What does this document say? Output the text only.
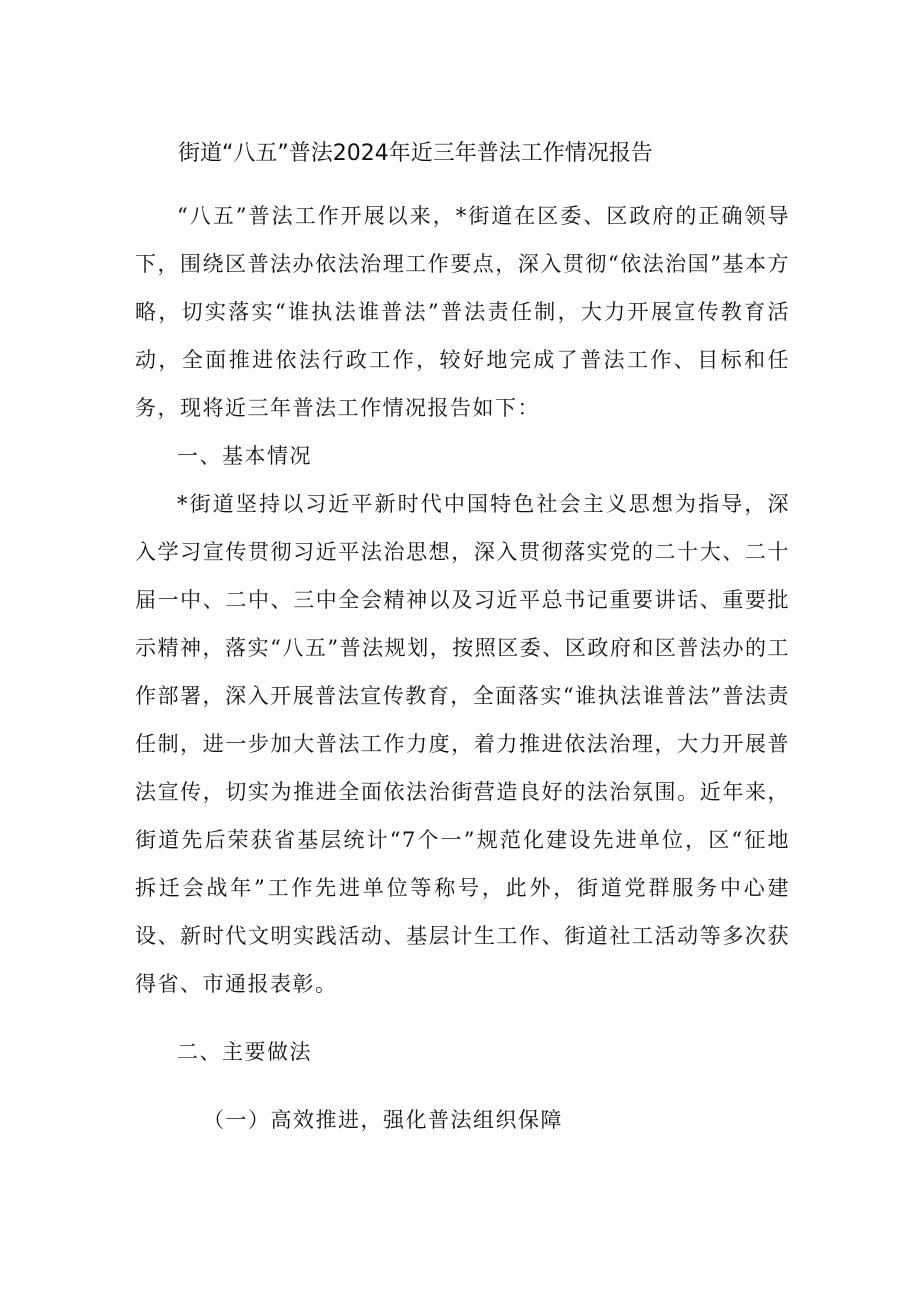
街道“八五”普法2024年近三年普法工作情况报告

“八五”普法工作开展以来，*街道在区委、区政府的正确领导下，围绕区普法办依法治理工作要点，深入贯彻“依法治国”基本方略，切实落实“谁执法谁普法”普法责任制，大力开展宣传教育活动，全面推进依法行政工作，较好地完成了普法工作、目标和任务，现将近三年普法工作情况报告如下：

一、基本情况

*街道坚持以习近平新时代中国特色社会主义思想为指导，深入学习宣传贯彻习近平法治思想，深入贯彻落实党的二十大、二十届一中、二中、三中全会精神以及习近平总书记重要讲话、重要批示精神，落实“八五”普法规划，按照区委、区政府和区普法办的工作部署，深入开展普法宣传教育，全面落实“谁执法谁普法”普法责任制，进一步加大普法工作力度，着力推进依法治理，大力开展普法宣传，切实为推进全面依法治街营造良好的法治氛围。近年来，街道先后荣获省基层统计“7个一”规范化建设先进单位，区“征地拆迁会战年”工作先进单位等称号，此外，街道党群服务中心建设、新时代文明实践活动、基层计生工作、街道社工活动等多次获得省、市通报表彰。

二、主要做法

（一）高效推进，强化普法组织保障
